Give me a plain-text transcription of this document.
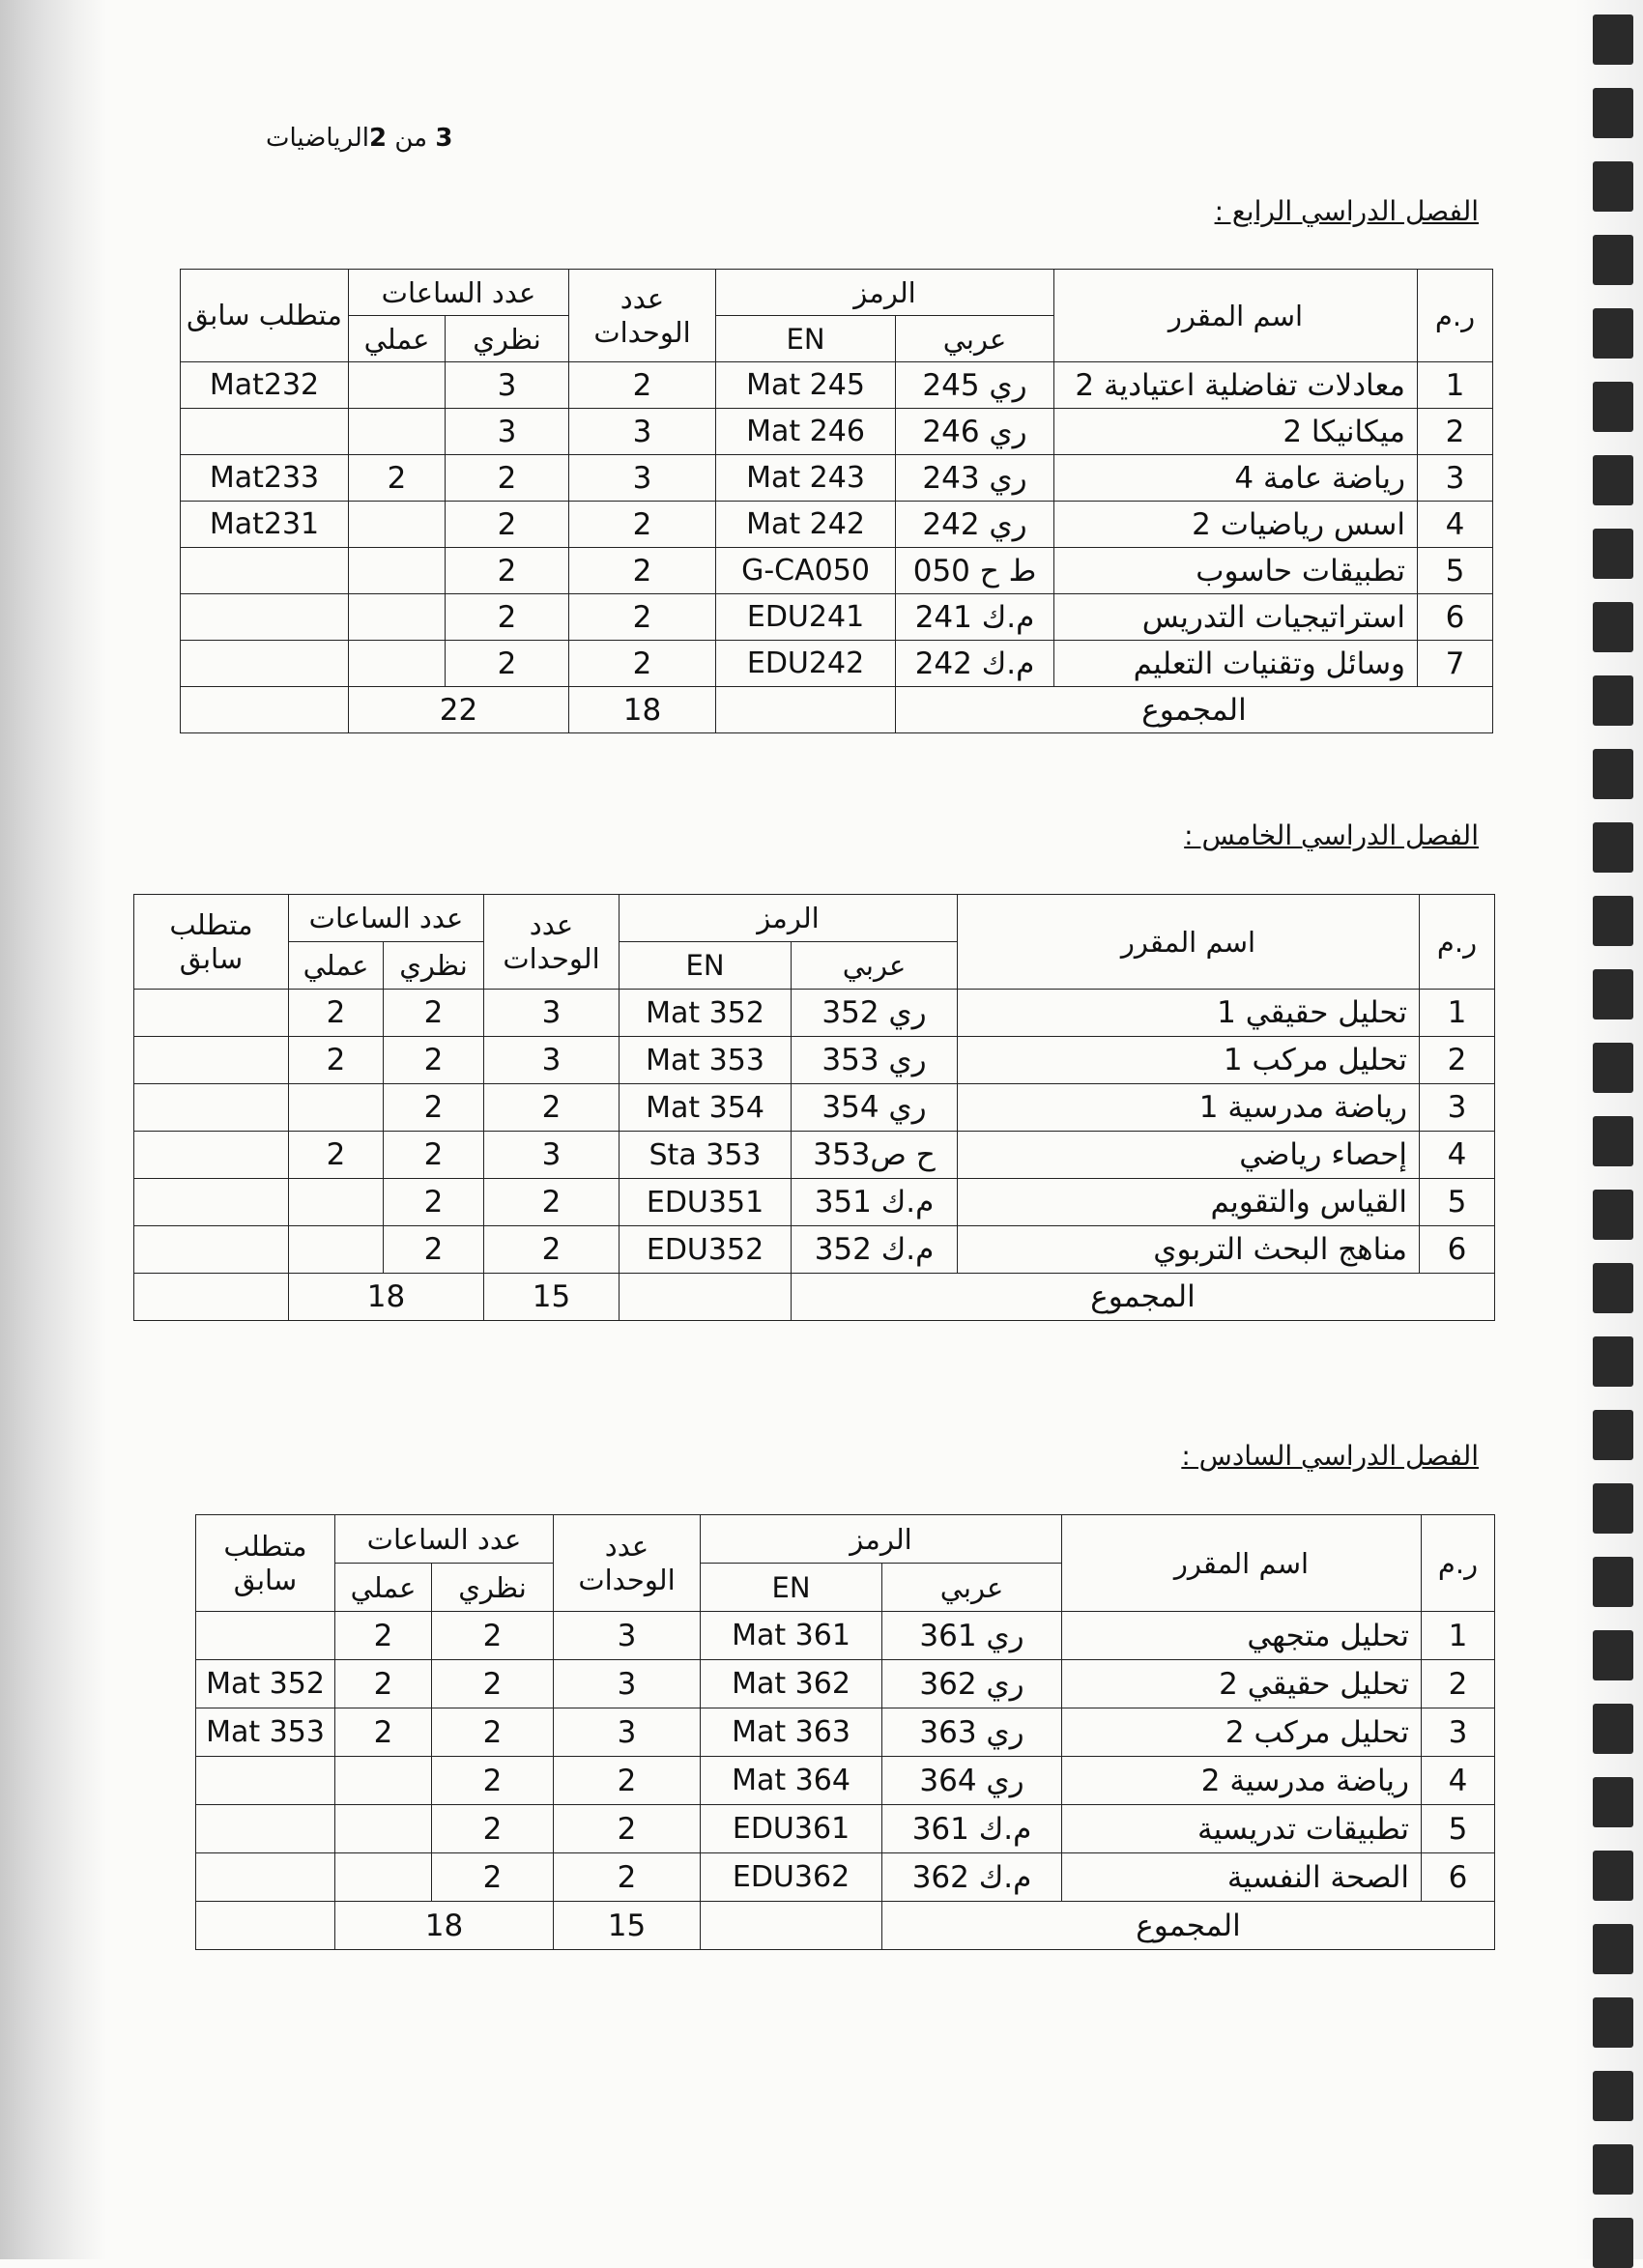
3 من 2الرياضيات
الفصل الدراسي الرابع :
ر.م	اسم المقرر	الرمز		عدد الوحدات	عدد الساعات		متطلب سابق
		عربي	EN		نظري	عملي	
1	معادلات تفاضلية اعتيادية 2	ري 245	Mat 245	2	3		Mat232
2	ميكانيكا 2	ري 246	Mat 246	3	3		
3	رياضة عامة 4	ري 243	Mat 243	3	2	2	Mat233
4	اسس رياضيات 2	ري 242	Mat 242	2	2		Mat231
5	تطبيقات حاسوب	ط ح 050	G-CA050	2	2		
6	استراتيجيات التدريس	م.ك 241	EDU241	2	2		
7	وسائل وتقنيات التعليم	م.ك 242	EDU242	2	2		
المجموع				18	22		
الفصل الدراسي الخامس :
ر.م	اسم المقرر	الرمز		عدد الوحدات	عدد الساعات		متطلب سابق
		عربي	EN		نظري	عملي	
1	تحليل حقيقي 1	ري 352	Mat 352	3	2	2	
2	تحليل مركب 1	ري 353	Mat 353	3	2	2	
3	رياضة مدرسية 1	ري 354	Mat 354	2	2		
4	إحصاء رياضي	ح ص353	Sta 353	3	2	2	
5	القياس والتقويم	م.ك 351	EDU351	2	2		
6	مناهج البحث التربوي	م.ك 352	EDU352	2	2		
المجموع				15	18		
الفصل الدراسي السادس :
ر.م	اسم المقرر	الرمز		عدد الوحدات	عدد الساعات		متطلب سابق
		عربي	EN		نظري	عملي	
1	تحليل متجهي	ري 361	Mat 361	3	2	2	
2	تحليل حقيقي 2	ري 362	Mat 362	3	2	2	Mat 352
3	تحليل مركب 2	ري 363	Mat 363	3	2	2	Mat 353
4	رياضة مدرسية 2	ري 364	Mat 364	2	2		
5	تطبيقات تدريسية	م.ك 361	EDU361	2	2		
6	الصحة النفسية	م.ك 362	EDU362	2	2		
المجموع				15	18		
